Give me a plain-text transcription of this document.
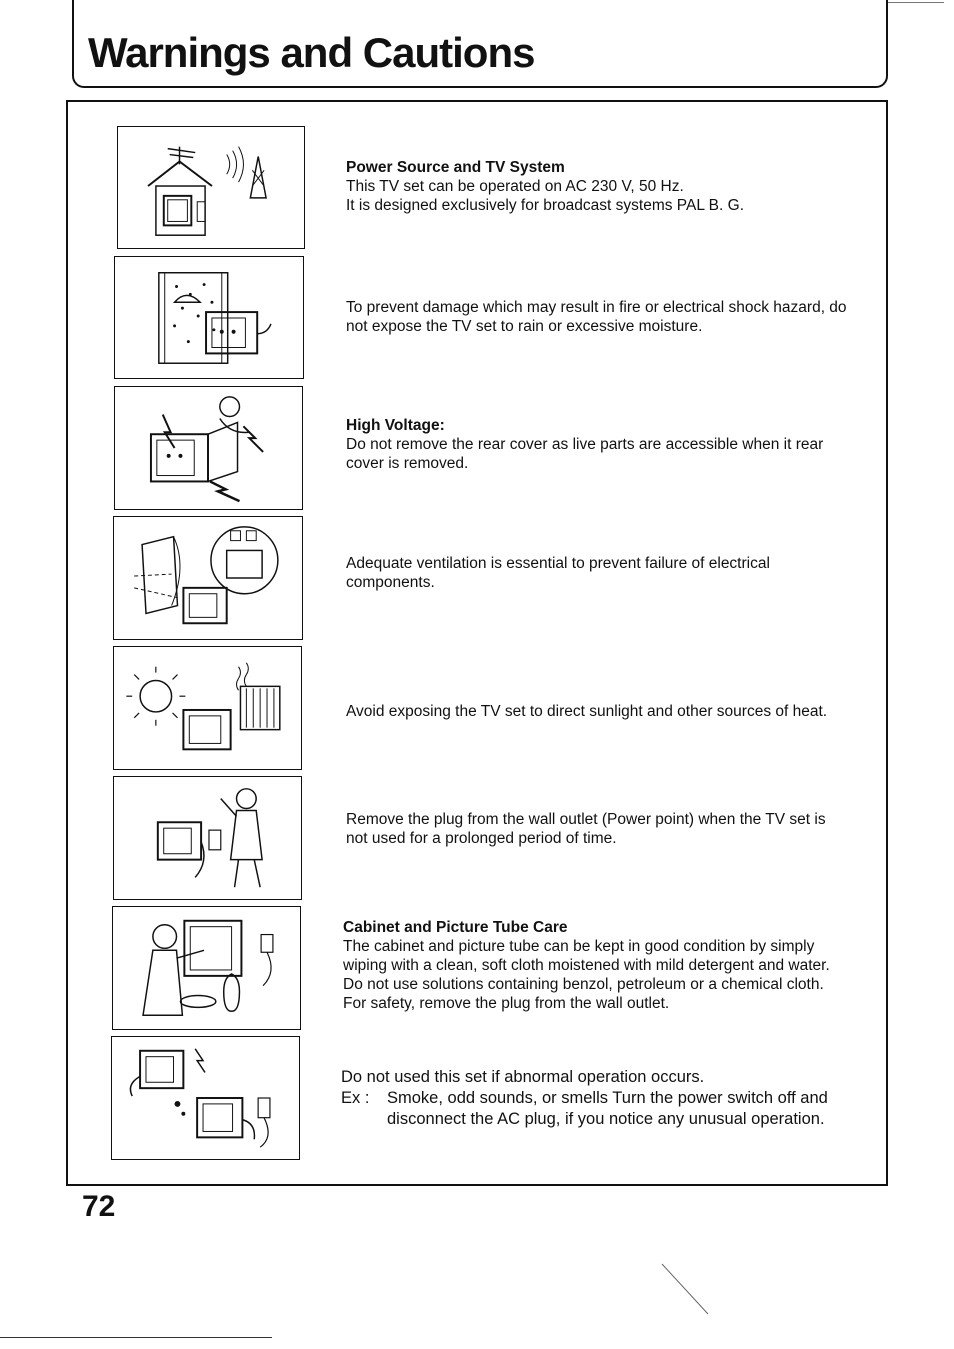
Warnings and Cautions

Power Source and TV System

This TV set can be operated on AC 230 V, 50 Hz.

It is designed exclusively for broadcast systems PAL B. G.

To prevent damage which may result in fire or electrical shock hazard, do

not expose the TV set to rain or excessive moisture.

High Voltage:

Do not remove the rear cover as live parts are accessible when it rear

cover is removed.

Adequate ventilation is essential to prevent failure of electrical

components.

Avoid exposing the TV set to direct sunlight and other sources of heat.

Remove the plug from the wall outlet (Power point) when the TV set is

not used for a prolonged period of time.

Cabinet and Picture Tube Care

The cabinet and picture tube can be kept in good condition by simply

wiping with a clean, soft cloth moistened with mild detergent and water.

Do not use solutions containing benzol, petroleum or a chemical cloth.

For safety, remove the plug from the wall outlet.

Do not used this set if abnormal operation occurs.

Ex :	Smoke, odd sounds, or smells Turn the power switch off and
disconnect the AC plug, if you notice any unusual operation.

72
